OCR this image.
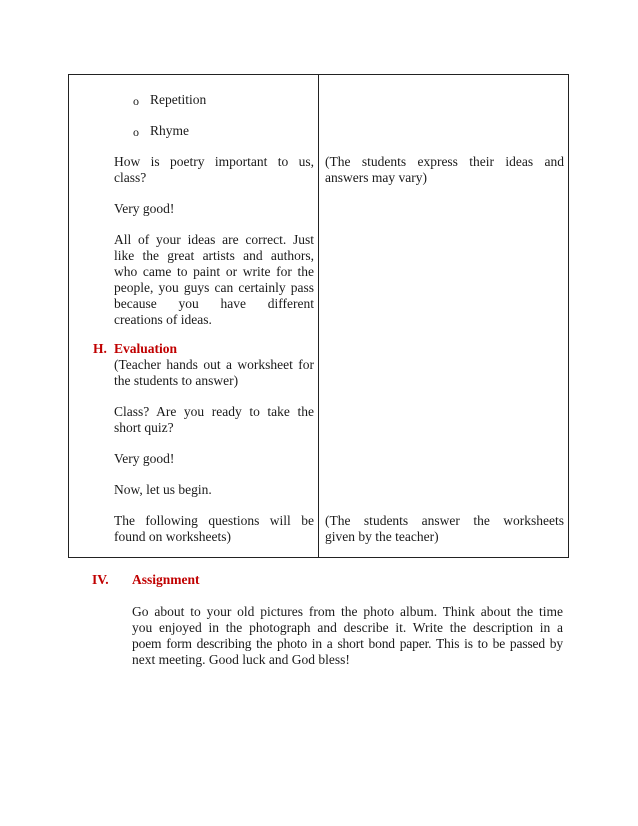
o Repetition

o Rhyme

How is poetry important to us,

class?

Very good!

All of your ideas are correct. Just

like the great artists and authors,

who came to paint or write for the

people, you guys can certainly pass

because you have different

creations of ideas.

H. Evaluation

(Teacher hands out a worksheet for

the students to answer)

Class? Are you ready to take the

short quiz?

Very good!

Now, let us begin.

The following questions will be

found on worksheets)

(The students express their ideas and

answers may vary)

(The students answer the worksheets

given by the teacher)

IV. Assignment

Go about to your old pictures from the photo album. Think about the time

you enjoyed in the photograph and describe it. Write the description in a

poem form describing the photo in a short bond paper. This is to be passed by

next meeting. Good luck and God bless!
